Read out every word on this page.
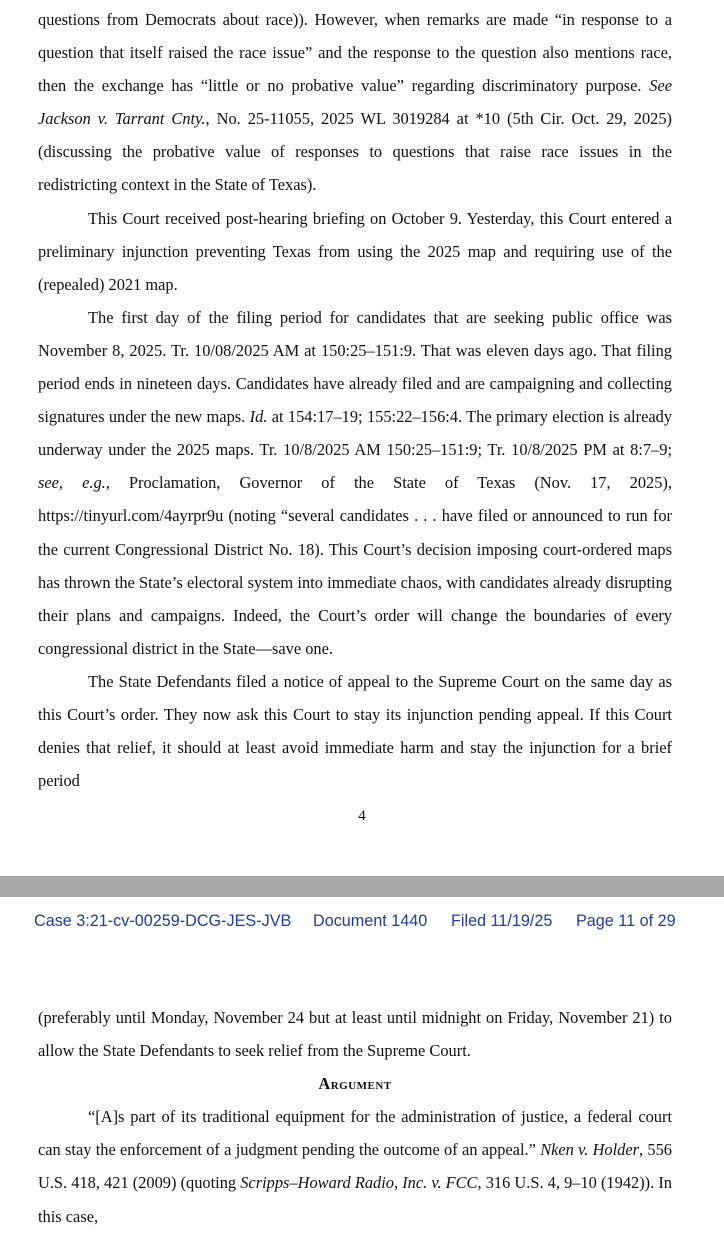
questions from Democrats about race)). However, when remarks are made “in response to a question that itself raised the race issue” and the response to the question also mentions race, then the exchange has “little or no probative value” regarding discriminatory purpose. See Jackson v. Tarrant Cnty., No. 25-11055, 2025 WL 3019284 at *10 (5th Cir. Oct. 29, 2025) (discussing the probative value of responses to questions that raise race issues in the redistricting context in the State of Texas).

This Court received post-hearing briefing on October 9. Yesterday, this Court entered a preliminary injunction preventing Texas from using the 2025 map and requiring use of the (repealed) 2021 map.

The first day of the filing period for candidates that are seeking public office was November 8, 2025. Tr. 10/08/2025 AM at 150:25–151:9. That was eleven days ago. That filing period ends in nineteen days. Candidates have already filed and are campaigning and collecting signatures under the new maps. Id. at 154:17–19; 155:22–156:4. The primary election is already underway under the 2025 maps. Tr. 10/8/2025 AM 150:25–151:9; Tr. 10/8/2025 PM at 8:7–9; see, e.g., Proclamation, Governor of the State of Texas (Nov. 17, 2025), https://tinyurl.com/4ayrpr9u (noting “several candidates . . . have filed or announced to run for the current Congressional District No. 18). This Court’s decision imposing court-ordered maps has thrown the State’s electoral system into immediate chaos, with candidates already disrupting their plans and campaigns. Indeed, the Court’s order will change the boundaries of every congressional district in the State—save one.

The State Defendants filed a notice of appeal to the Supreme Court on the same day as this Court’s order. They now ask this Court to stay its injunction pending appeal. If this Court denies that relief, it should at least avoid immediate harm and stay the injunction for a brief period

4
Case 3:21-cv-00259-DCG-JES-JVB Document 1440 Filed 11/19/25 Page 11 of 29

(preferably until Monday, November 24 but at least until midnight on Friday, November 21) to allow the State Defendants to seek relief from the Supreme Court.

Argument

“[A]s part of its traditional equipment for the administration of justice, a federal court can stay the enforcement of a judgment pending the outcome of an appeal.” Nken v. Holder, 556 U.S. 418, 421 (2009) (quoting Scripps–Howard Radio, Inc. v. FCC, 316 U.S. 4, 9–10 (1942)). In this case,
